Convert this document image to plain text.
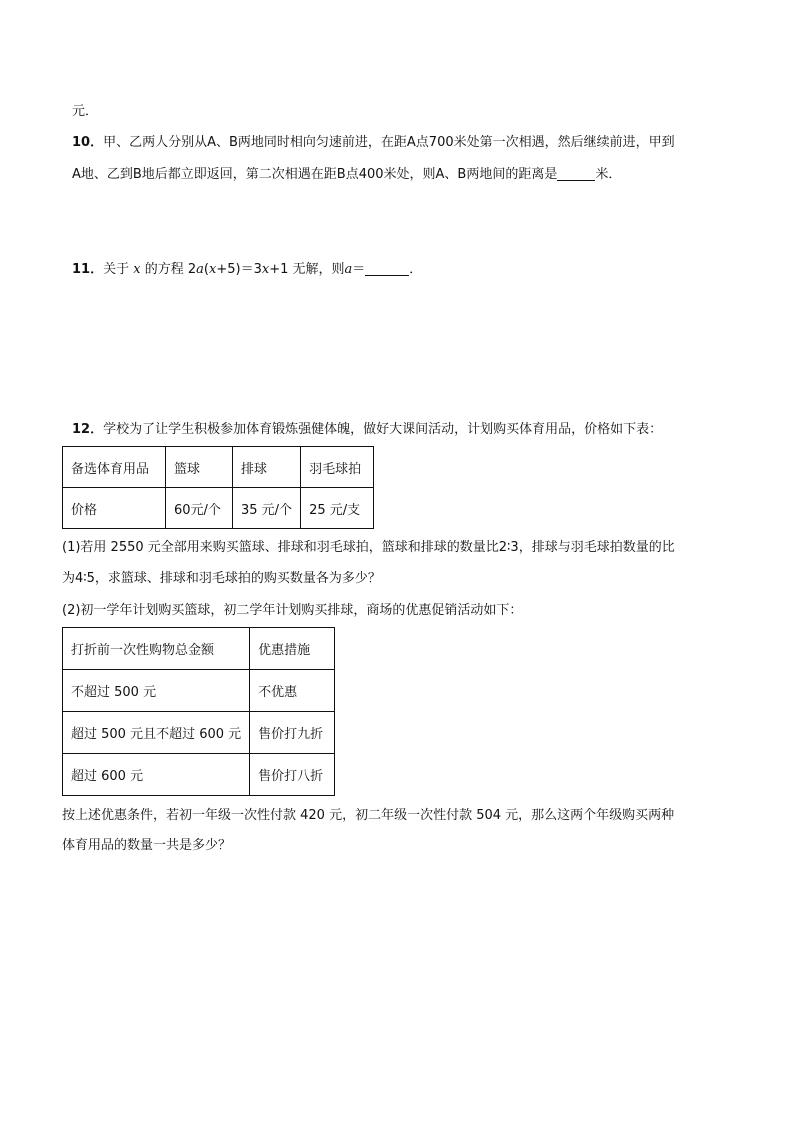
元．
10．甲、乙两人分别从A、B两地同时相向匀速前进，在距A点700米处第一次相遇，然后继续前进，甲到
A地、乙到B地后都立即返回，第二次相遇在距B点400米处，则A、B两地间的距离是	米．
11．关于 x 的方程 2a(x+5)＝3x+1 无解，则a＝	．
12．学校为了让学生积极参加体育锻炼强健体魄，做好大课间活动，计划购买体育用品，价格如下表：
备选体育用品	篮球	排球	羽毛球拍
价格	60元/个	35 元/个	25 元/支
(1)若用 2550 元全部用来购买篮球、排球和羽毛球拍，篮球和排球的数量比2∶3，排球与羽毛球拍数量的比
为4∶5，求篮球、排球和羽毛球拍的购买数量各为多少？
(2)初一学年计划购买篮球，初二学年计划购买排球，商场的优惠促销活动如下：
打折前一次性购物总金额	优惠措施
不超过 500 元	不优惠
超过 500 元且不超过 600 元	售价打九折
超过 600 元	售价打八折
按上述优惠条件，若初一年级一次性付款 420 元，初二年级一次性付款 504 元，那么这两个年级购买两种
体育用品的数量一共是多少？
